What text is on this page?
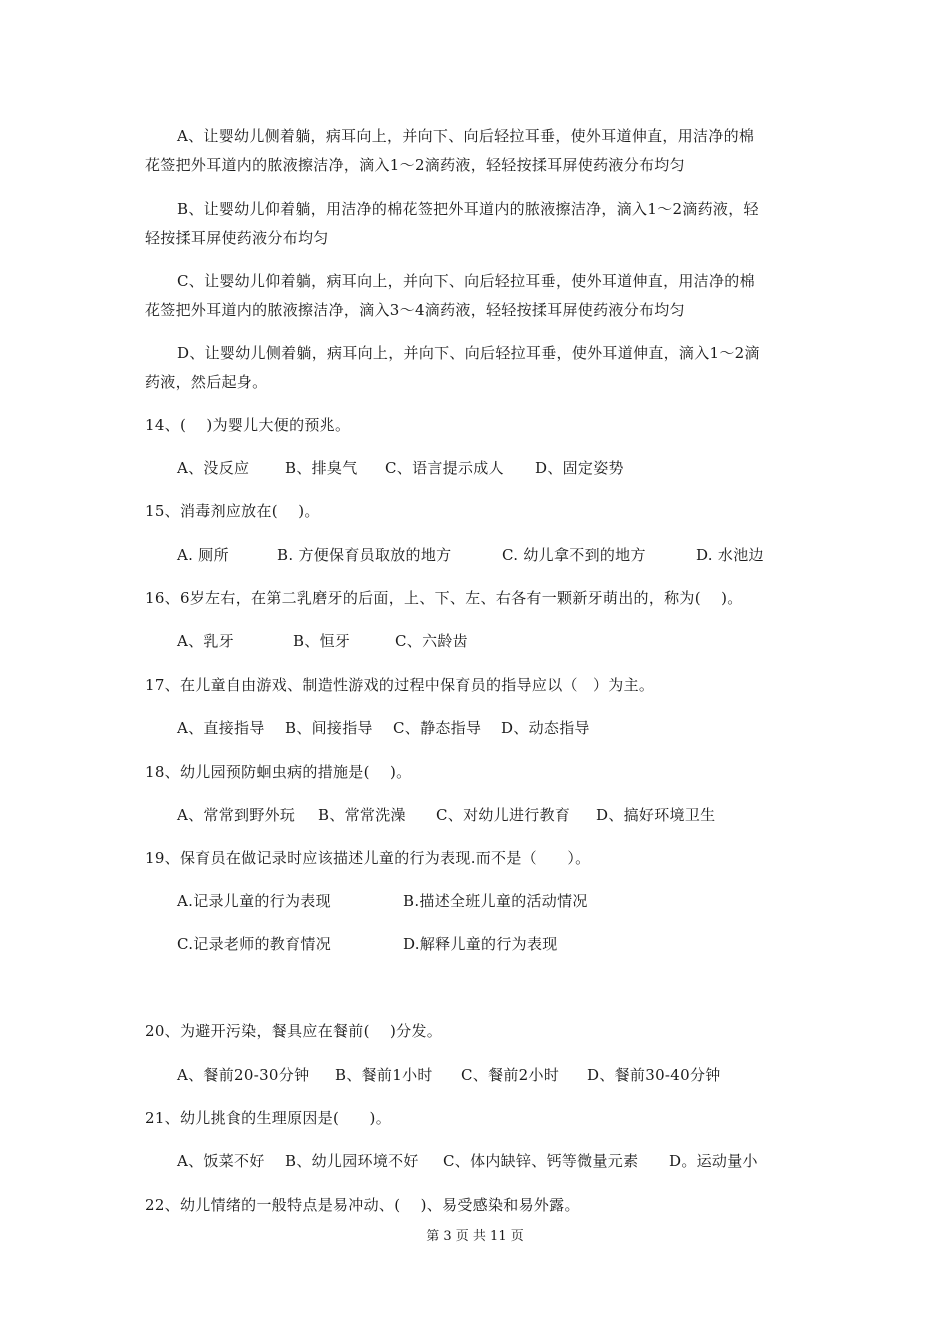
A、让婴幼儿侧着躺，病耳向上，并向下、向后轻拉耳垂，使外耳道伸直，用洁净的棉
花签把外耳道内的脓液擦洁净，滴入1～2滴药液，轻轻按揉耳屏使药液分布均匀
B、让婴幼儿仰着躺，用洁净的棉花签把外耳道内的脓液擦洁净，滴入1～2滴药液，轻
轻按揉耳屏使药液分布均匀
C、让婴幼儿仰着躺，病耳向上，并向下、向后轻拉耳垂，使外耳道伸直，用洁净的棉
花签把外耳道内的脓液擦洁净，滴入3～4滴药液，轻轻按揉耳屏使药液分布均匀
D、让婴幼儿侧着躺，病耳向上，并向下、向后轻拉耳垂，使外耳道伸直，滴入1～2滴
药液，然后起身。
14、(    )为婴儿大便的预兆。
A、没反应 B、排臭气 C、语言提示成人 D、固定姿势
15、消毒剂应放在(    )。
A. 厕所	B. 方便保育员取放的地方	C. 幼儿拿不到的地方	D. 水池边
16、6岁左右，在第二乳磨牙的后面，上、下、左、右各有一颗新牙萌出的，称为(    )。
A、乳牙	B、恒牙	C、六龄齿
17、在儿童自由游戏、制造性游戏的过程中保育员的指导应以（   ）为主。
A、直接指导 B、间接指导 C、静态指导 D、动态指导
18、幼儿园预防蛔虫病的措施是(    )。
A、常常到野外玩 B、常常洗澡 C、对幼儿进行教育 D、搞好环境卫生
19、保育员在做记录时应该描述儿童的行为表现.而不是（      ）。
A.记录儿童的行为表现	B.描述全班儿童的活动情况
C.记录老师的教育情况	D.解释儿童的行为表现
20、为避开污染，餐具应在餐前(    )分发。
A、餐前20-30分钟 B、餐前1小时 C、餐前2小时 D、餐前30-40分钟
21、幼儿挑食的生理原因是(      )。
A、饭菜不好 B、幼儿园环境不好 C、体内缺锌、钙等微量元素 D。运动量小
22、幼儿情绪的一般特点是易冲动、(    )、易受感染和易外露。
第 3 页 共 11 页
